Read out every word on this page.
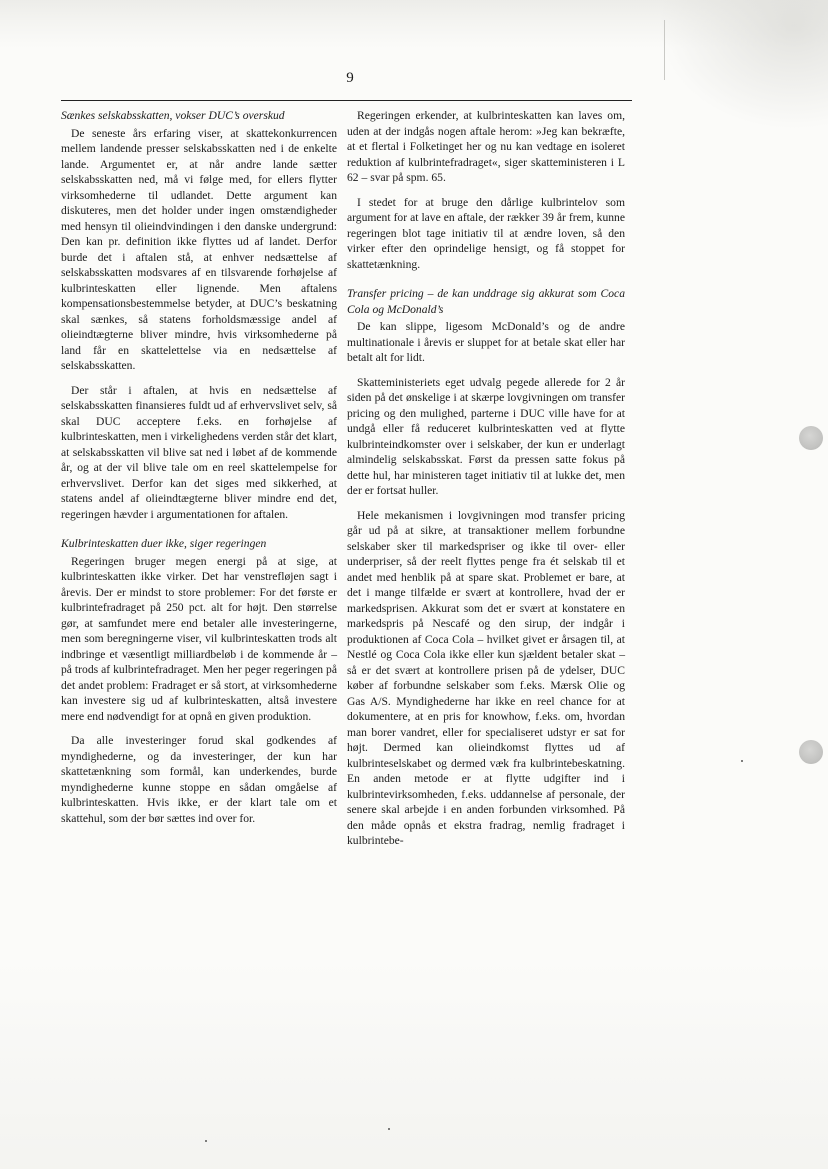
9

Sænkes selskabsskatten, vokser DUC’s overskud

De seneste års erfaring viser, at skattekonkurrencen mellem landende presser selskabsskatten ned i de enkelte lande. Argumentet er, at når andre lande sætter selskabsskatten ned, må vi følge med, for ellers flytter virksomhederne til udlandet. Dette argument kan diskuteres, men det holder under ingen omstændigheder med hensyn til olieindvindingen i den danske undergrund: Den kan pr. definition ikke flyttes ud af landet. Derfor burde det i aftalen stå, at enhver nedsættelse af selskabsskatten modsvares af en tilsvarende forhøjelse af kulbrinteskatten eller lignende. Men aftalens kompensationsbestemmelse betyder, at DUC’s beskatning skal sænkes, så statens forholdsmæssige andel af olieindtægterne bliver mindre, hvis virksomhederne på land får en skattelettelse via en nedsættelse af selskabsskatten.

Der står i aftalen, at hvis en nedsættelse af selskabsskatten finansieres fuldt ud af erhvervslivet selv, så skal DUC acceptere f.eks. en forhøjelse af kulbrinteskatten, men i virkelighedens verden står det klart, at selskabsskatten vil blive sat ned i løbet af de kommende år, og at der vil blive tale om en reel skattelempelse for erhvervslivet. Derfor kan det siges med sikkerhed, at statens andel af olieindtægterne bliver mindre end det, regeringen hævder i argumentationen for aftalen.

Kulbrinteskatten duer ikke, siger regeringen

Regeringen bruger megen energi på at sige, at kulbrinteskatten ikke virker. Det har venstrefløjen sagt i årevis. Der er mindst to store problemer: For det første er kulbrintefradraget på 250 pct. alt for højt. Den størrelse gør, at samfundet mere end betaler alle investeringerne, men som beregningerne viser, vil kulbrinteskatten trods alt indbringe et væsentligt milliardbeløb i de kommende år – på trods af kulbrintefradraget. Men her peger regeringen på det andet problem: Fradraget er så stort, at virksomhederne kan investere sig ud af kulbrinteskatten, altså investere mere end nødvendigt for at opnå en given produktion.

Da alle investeringer forud skal godkendes af myndighederne, og da investeringer, der kun har skattetænkning som formål, kan underkendes, burde myndighederne kunne stoppe en sådan omgåelse af kulbrinteskatten. Hvis ikke, er der klart tale om et skattehul, som der bør sættes ind over for.

Regeringen erkender, at kulbrinteskatten kan laves om, uden at der indgås nogen aftale herom: »Jeg kan bekræfte, at et flertal i Folketinget her og nu kan vedtage en isoleret reduktion af kulbrintefradraget«, siger skatteministeren i L 62 – svar på spm. 65.

I stedet for at bruge den dårlige kulbrintelov som argument for at lave en aftale, der rækker 39 år frem, kunne regeringen blot tage initiativ til at ændre loven, så den virker efter den oprindelige hensigt, og få stoppet for skattetænkning.

Transfer pricing – de kan unddrage sig akkurat som Coca Cola og McDonald’s

De kan slippe, ligesom McDonald’s og de andre multinationale i årevis er sluppet for at betale skat eller har betalt alt for lidt.

Skatteministeriets eget udvalg pegede allerede for 2 år siden på det ønskelige i at skærpe lovgivningen om transfer pricing og den mulighed, parterne i DUC ville have for at undgå eller få reduceret kulbrinteskatten ved at flytte kulbrinteindkomster over i selskaber, der kun er underlagt almindelig selskabsskat. Først da pressen satte fokus på dette hul, har ministeren taget initiativ til at lukke det, men der er fortsat huller.

Hele mekanismen i lovgivningen mod transfer pricing går ud på at sikre, at transaktioner mellem forbundne selskaber sker til markedspriser og ikke til over- eller underpriser, så der reelt flyttes penge fra ét selskab til et andet med henblik på at spare skat. Problemet er bare, at det i mange tilfælde er svært at kontrollere, hvad der er markedsprisen. Akkurat som det er svært at konstatere en markedspris på Nescafé og den sirup, der indgår i produktionen af Coca Cola – hvilket givet er årsagen til, at Nestlé og Coca Cola ikke eller kun sjældent betaler skat – så er det svært at kontrollere prisen på de ydelser, DUC køber af forbundne selskaber som f.eks. Mærsk Olie og Gas A/S. Myndighederne har ikke en reel chance for at dokumentere, at en pris for knowhow, f.eks. om, hvordan man borer vandret, eller for specialiseret udstyr er sat for højt. Dermed kan olieindkomst flyttes ud af kulbrinteselskabet og dermed væk fra kulbrintebeskatning. En anden metode er at flytte udgifter ind i kulbrintevirksomheden, f.eks. uddannelse af personale, der senere skal arbejde i en anden forbunden virksomhed. På den måde opnås et ekstra fradrag, nemlig fradraget i kulbrintebe-
